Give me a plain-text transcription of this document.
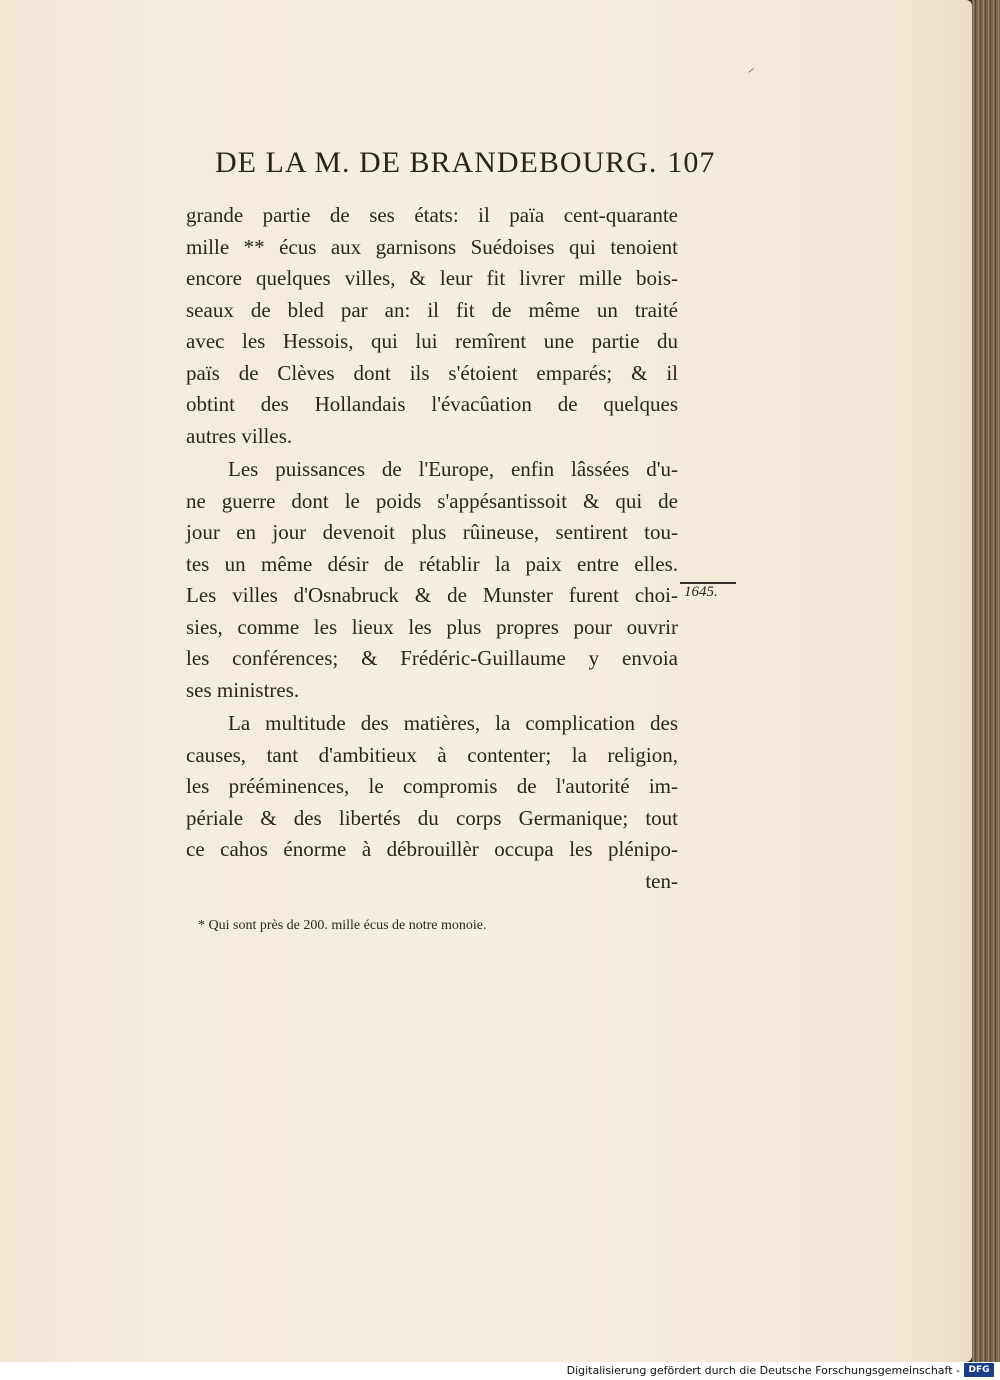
DE LA M. DE BRANDEBOURG. 107
grande partie de ses états: il païa cent-quarante
mille ** écus aux garnisons Suédoises qui tenoient
encore quelques villes, & leur fit livrer mille bois-
seaux de bled par an: il fit de même un traité
avec les Hessois, qui lui remîrent une partie du
païs de Clèves dont ils s'étoient emparés; & il
obtint des Hollandais l'évacûation de quelques
autres villes.
Les puissances de l'Europe, enfin lâssées d'u-
ne guerre dont le poids s'appésantissoit & qui de
jour en jour devenoit plus rûineuse, sentirent tou-
tes un même désir de rétablir la paix entre elles.
Les villes d'Osnabruck & de Munster furent choi-
sies, comme les lieux les plus propres pour ouvrir
les conférences; & Frédéric-Guillaume y envoia
ses ministres.
La multitude des matières, la complication des
causes, tant d'ambitieux à contenter; la religion,
les prééminences, le compromis de l'autorité im-
périale & des libertés du corps Germanique; tout
ce cahos énorme à débrouillèr occupa les plénipo-
ten-
1645.
* Qui sont près de 200. mille écus de notre monoie.
Digitalisierung gefördert durch die Deutsche Forschungsgemeinschaft - DFG
